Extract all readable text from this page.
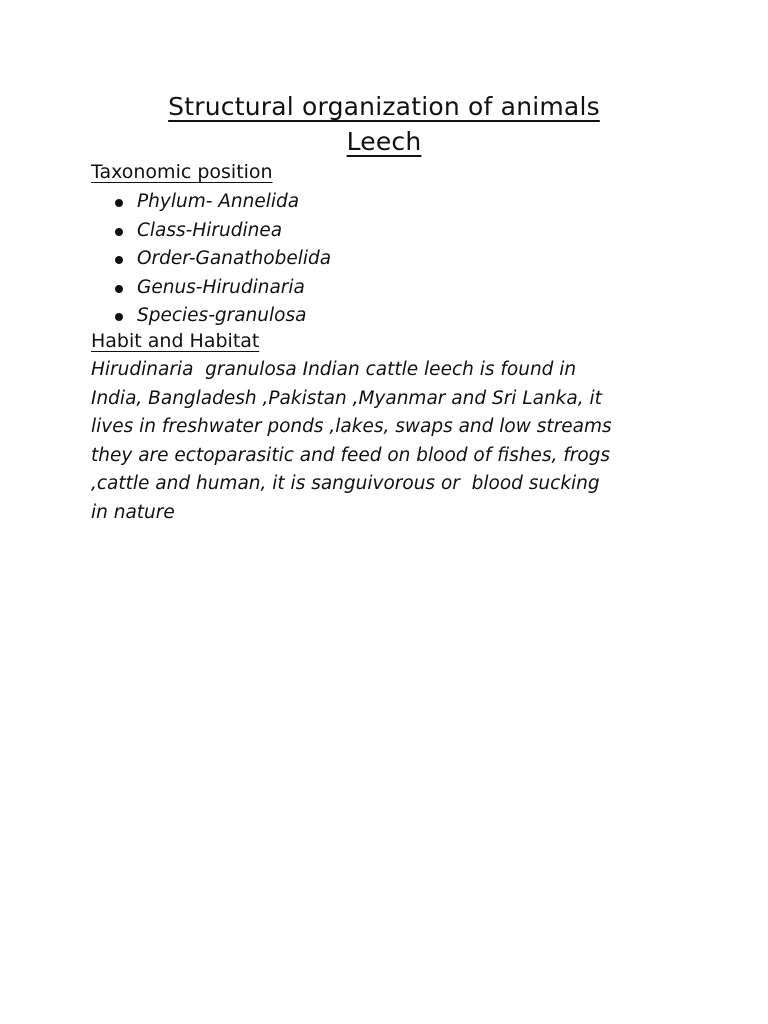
Structural organization of animals
Leech
Taxonomic position
Phylum- Annelida
Class-Hirudinea
Order-Ganathobelida
Genus-Hirudinaria
Species-granulosa
Habit and Habitat

Hirudinaria  granulosa Indian cattle leech is found in
India, Bangladesh ,Pakistan ,Myanmar and Sri Lanka, it
lives in freshwater ponds ,lakes, swaps and low streams
they are ectoparasitic and feed on blood of fishes, frogs
,cattle and human, it is sanguivorous or  blood sucking
in nature
